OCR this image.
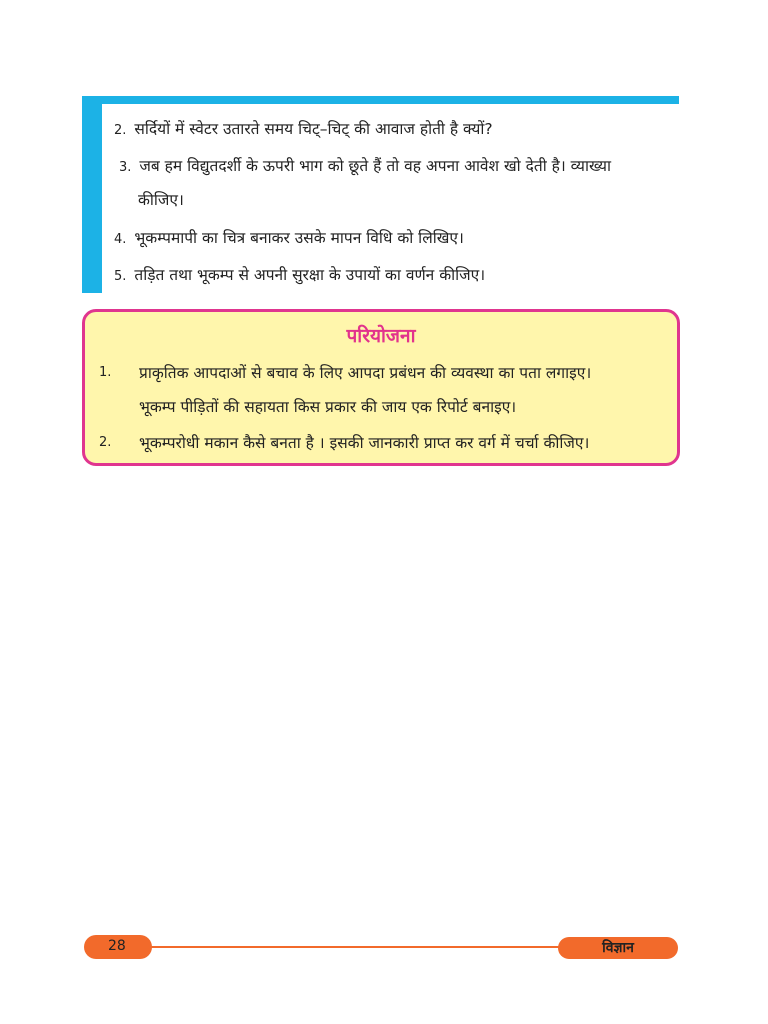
2. सर्दियों में स्वेटर उतारते समय चिट्–चिट् की आवाज होती है क्यों?
3. जब हम विद्युतदर्शी के ऊपरी भाग को छूते हैं तो वह अपना आवेश खो देती है। व्याख्या
कीजिए।
4. भूकम्पमापी का चित्र बनाकर उसके मापन विधि को लिखिए।
5. तड़ित तथा भूकम्प से अपनी सुरक्षा के उपायों का वर्णन कीजिए।
परियोजना
1. प्राकृतिक आपदाओं से बचाव के लिए आपदा प्रबंधन की व्यवस्था का पता लगाइए।
भूकम्प पीड़ितों की सहायता किस प्रकार की जाय एक रिपोर्ट बनाइए।
2. भूकम्परोधी मकान कैसे बनता है । इसकी जानकारी प्राप्त कर वर्ग में चर्चा कीजिए।
28	विज्ञान
